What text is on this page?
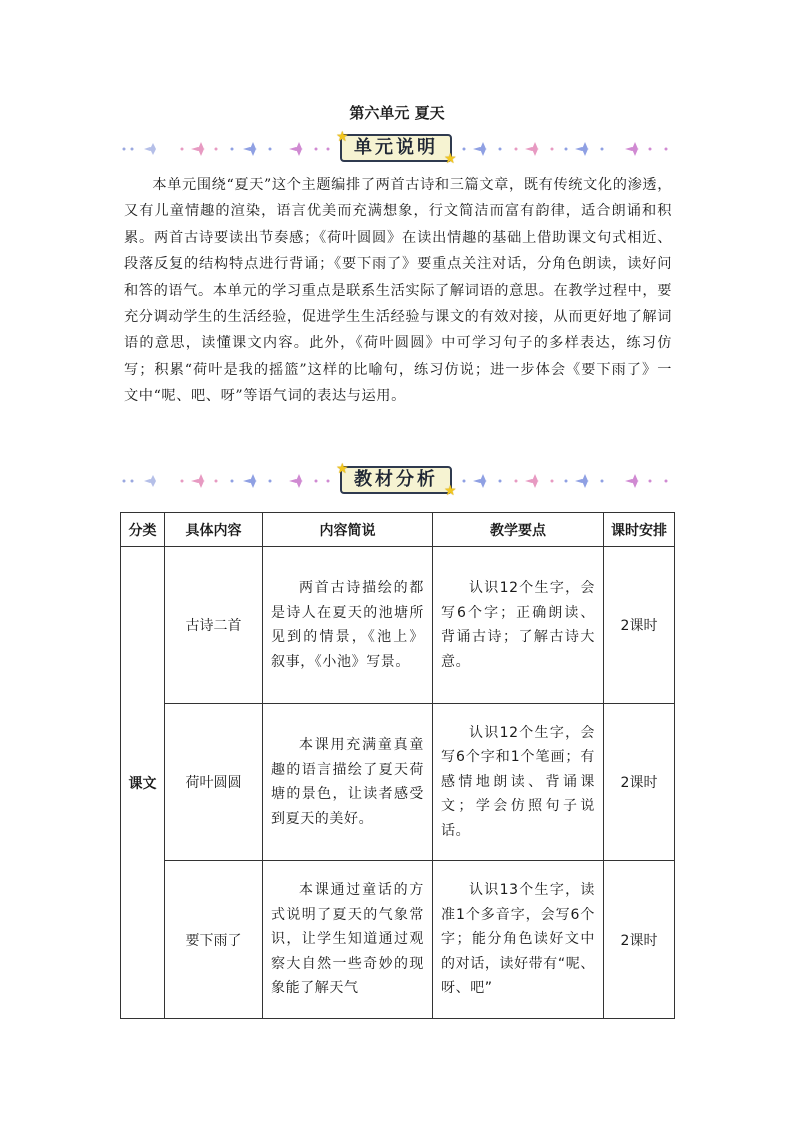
第六单元 夏天
单元说明
★
★
本单元围绕“夏天”这个主题编排了两首古诗和三篇文章，既有传统文化的渗透，又有儿童情趣的渲染，语言优美而充满想象，行文简洁而富有韵律，适合朗诵和积累。两首古诗要读出节奏感；《荷叶圆圆》在读出情趣的基础上借助课文句式相近、段落反复的结构特点进行背诵；《要下雨了》要重点关注对话，分角色朗读，读好问和答的语气。本单元的学习重点是联系生活实际了解词语的意思。在教学过程中，要充分调动学生的生活经验，促进学生生活经验与课文的有效对接，从而更好地了解词语的意思，读懂课文内容。此外，《荷叶圆圆》中可学习句子的多样表达，练习仿写；积累“荷叶是我的摇篮”这样的比喻句，练习仿说；进一步体会《要下雨了》一文中“呢、吧、呀”等语气词的表达与运用。
教材分析
★
★
分类	具体内容	内容简说	教学要点	课时安排
课文	古诗二首	两首古诗描绘的都是诗人在夏天的池塘所见到的情景，《池上》叙事，《小池》写景。	认识12个生字，会写6个字；正确朗读、背诵古诗；了解古诗大意。	2课时
	荷叶圆圆	本课用充满童真童趣的语言描绘了夏天荷塘的景色，让读者感受到夏天的美好。	认识12个生字，会写6个字和1个笔画；有感情地朗读、背诵课文；学会仿照句子说话。	2课时
	要下雨了	本课通过童话的方式说明了夏天的气象常识，让学生知道通过观察大自然一些奇妙的现象能了解天气	认识13个生字，读准1个多音字，会写6个字；能分角色读好文中的对话，读好带有“呢、呀、吧”	2课时
